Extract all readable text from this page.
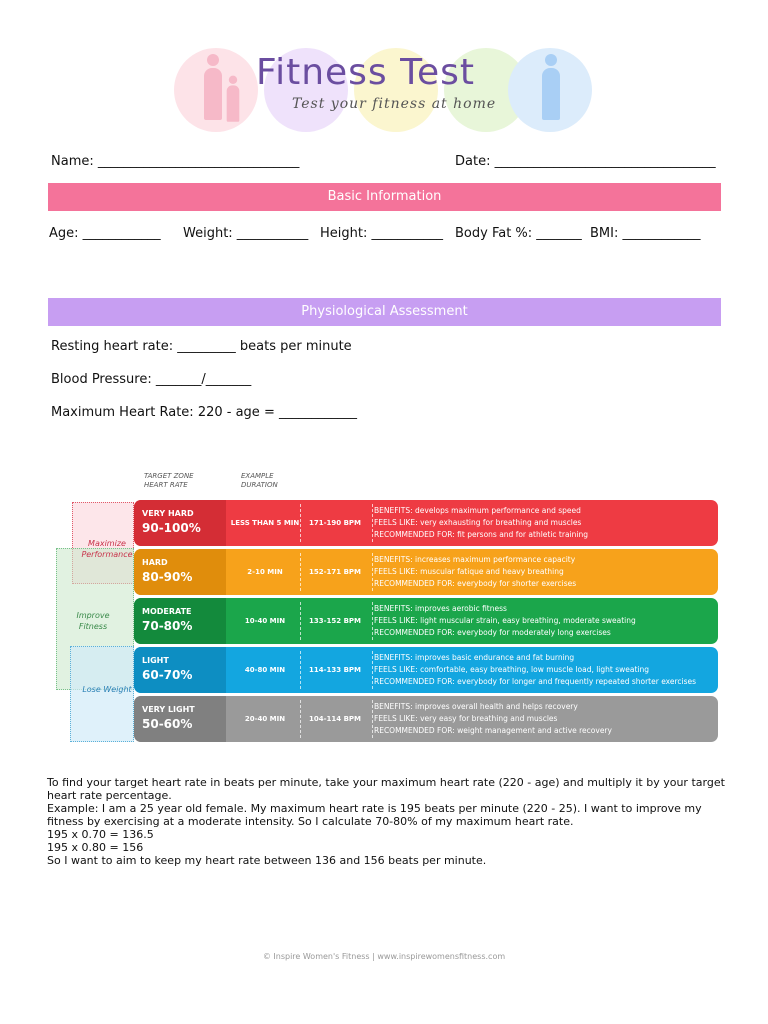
Fitness Test
Test your fitness at home
Name: _______________________________	Date: __________________________________
Basic Information
Age: ____________ Weight: ___________ Height: ___________ Body Fat %: _______ BMI: ____________
Physiological Assessment
Resting heart rate: _________ beats per minute
Blood Pressure: _______/_______
Maximum Heart Rate: 220 - age = ____________
TARGET ZONE HEART RATE
EXAMPLE DURATION
Maximize Performance
Improve Fitness
Lose Weight
VERY HARD
90-100%	LESS THAN 5 MIN	171-190 BPM
BENEFITS: develops maximum performance and speed
FEELS LIKE: very exhausting for breathing and muscles
RECOMMENDED FOR: fit persons and for athletic training
HARD
80-90%	2-10 MIN	152-171 BPM
BENEFITS: increases maximum performance capacity
FEELS LIKE: muscular fatique and heavy breathing
RECOMMENDED FOR: everybody for shorter exercises
MODERATE
70-80%	10-40 MIN	133-152 BPM
BENEFITS: improves aerobic fitness
FEELS LIKE: light muscular strain, easy breathing, moderate sweating
RECOMMENDED FOR: everybody for moderately long exercises
LIGHT
60-70%	40-80 MIN	114-133 BPM
BENEFITS: improves basic endurance and fat burning
FEELS LIKE: comfortable, easy breathing, low muscle load, light sweating
RECOMMENDED FOR: everybody for longer and frequently repeated shorter exercises
VERY LIGHT
50-60%	20-40 MIN	104-114 BPM
BENEFITS: improves overall health and helps recovery
FEELS LIKE: very easy for breathing and muscles
RECOMMENDED FOR: weight management and active recovery
To find your target heart rate in beats per minute, take your maximum heart rate (220 - age) and multiply it by your target heart rate percentage.
Example: I am a 25 year old female. My maximum heart rate is 195 beats per minute (220 - 25). I want to improve my fitness by exercising at a moderate intensity. So I calculate 70-80% of my maximum heart rate.
195 x 0.70 = 136.5
195 x 0.80 = 156
So I want to aim to keep my heart rate between 136 and 156 beats per minute.
© Inspire Women's Fitness | www.inspirewomensfitness.com
